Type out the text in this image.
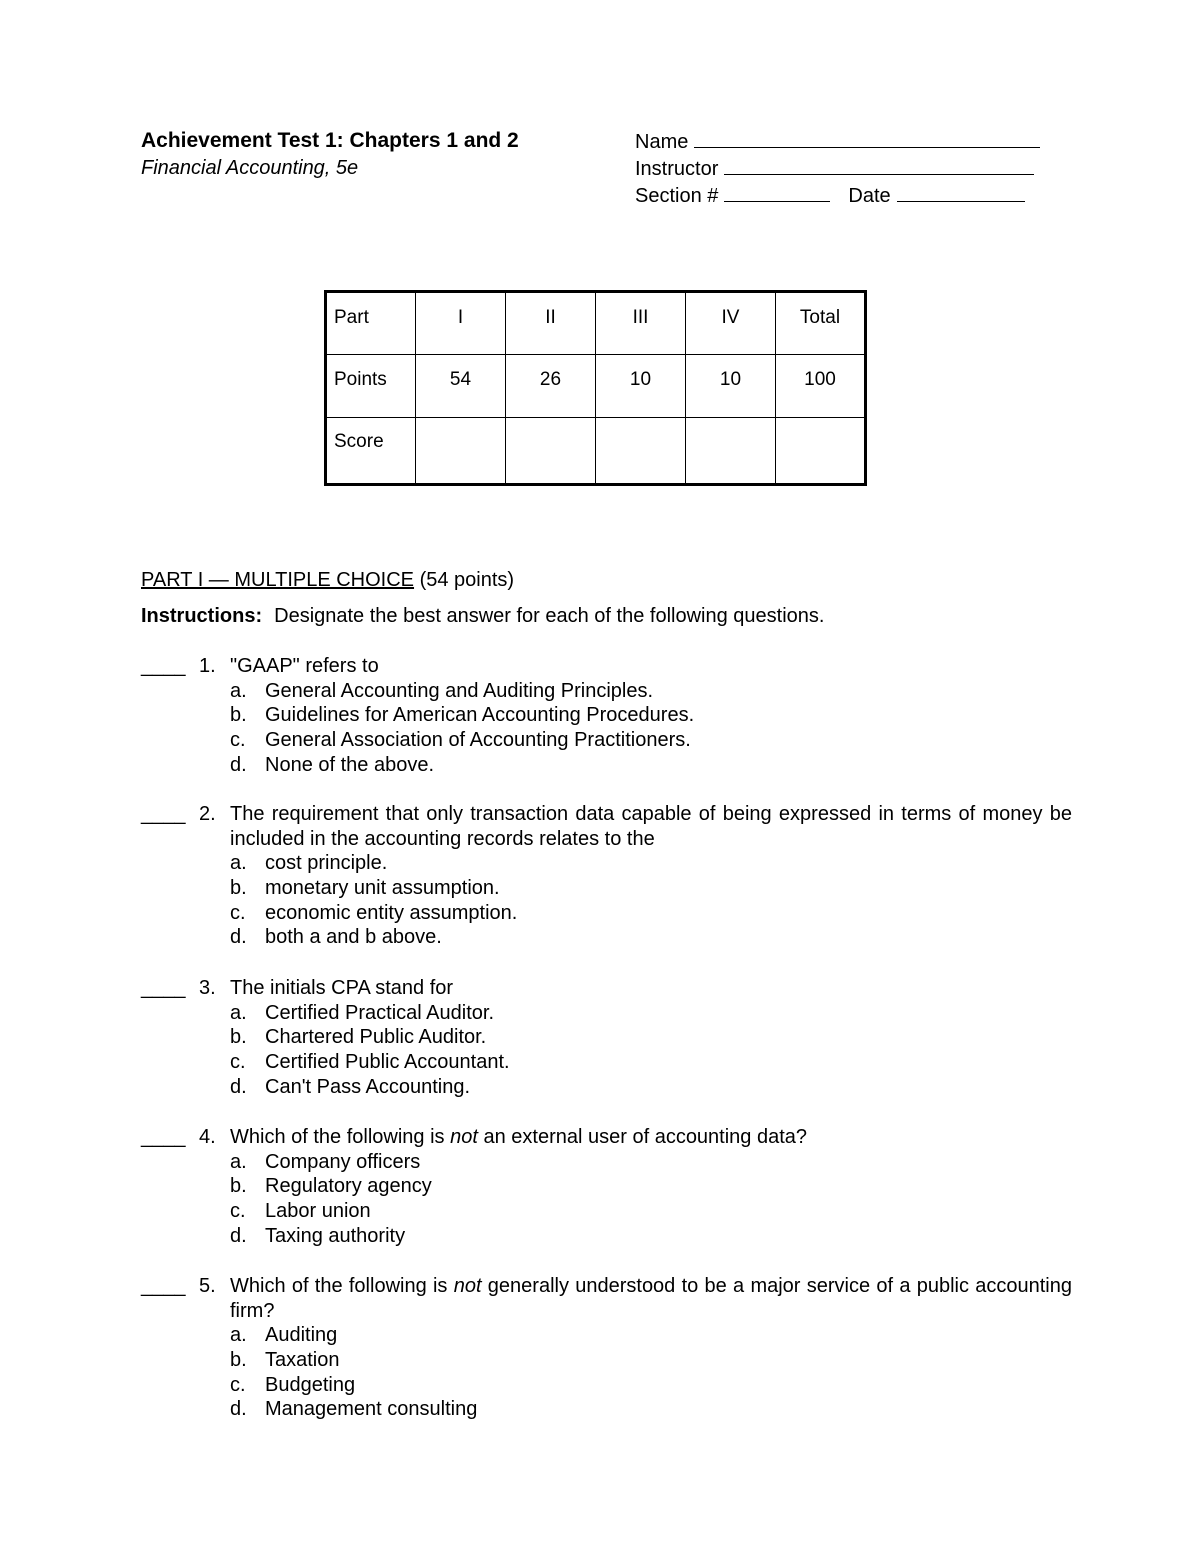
Achievement Test 1: Chapters 1 and 2
Financial Accounting, 5e
Name
Instructor
Section #	Date
Part	I	II	III	IV	Total
Points	54	26	10	10	100
Score					
PART I — MULTIPLE CHOICE (54 points)
Instructions: Designate the best answer for each of the following questions.
____ 1. "GAAP" refers to
a. General Accounting and Auditing Principles.
b. Guidelines for American Accounting Procedures.
c. General Association of Accounting Practitioners.
d. None of the above.
____ 2. The requirement that only transaction data capable of being expressed in terms of money be included in the accounting records relates to the
a. cost principle.
b. monetary unit assumption.
c. economic entity assumption.
d. both a and b above.
____ 3. The initials CPA stand for
a. Certified Practical Auditor.
b. Chartered Public Auditor.
c. Certified Public Accountant.
d. Can't Pass Accounting.
____ 4. Which of the following is not an external user of accounting data?
a. Company officers
b. Regulatory agency
c. Labor union
d. Taxing authority
____ 5. Which of the following is not generally understood to be a major service of a public accounting firm?
a. Auditing
b. Taxation
c. Budgeting
d. Management consulting
